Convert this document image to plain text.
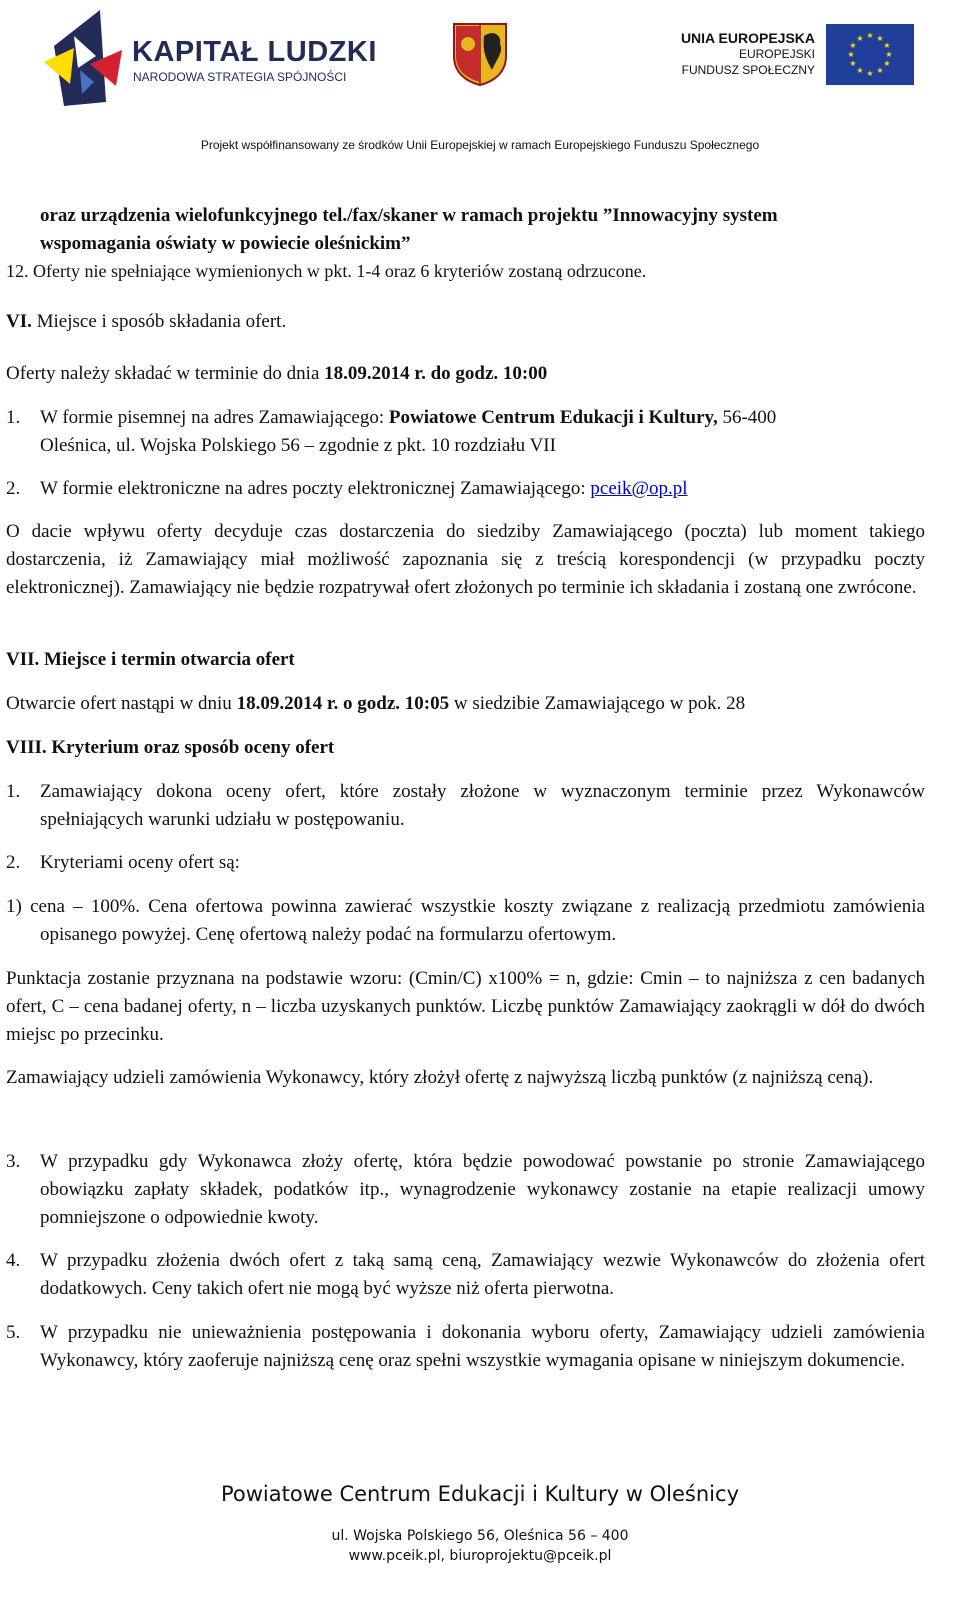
KAPITAŁ LUDZKI
NARODOWA STRATEGIA SPÓJNOŚCI
UNIA EUROPEJSKA
EUROPEJSKI
FUNDUSZ SPOŁECZNY
★ ★
★
★
★
★
★
★
★
★
★
★
Projekt współfinansowany ze środków Unii Europejskiej w ramach Europejskiego Funduszu Społecznego
oraz urządzenia wielofunkcyjnego tel./fax/skaner w ramach projektu ”Innowacyjny system
wspomagania oświaty w powiecie oleśnickim”
12. Oferty nie spełniające wymienionych w pkt. 1-4 oraz 6 kryteriów zostaną odrzucone.
VI. Miejsce i sposób składania ofert.
Oferty należy składać w terminie do dnia 18.09.2014 r. do godz. 10:00
1. W formie pisemnej na adres Zamawiającego: Powiatowe Centrum Edukacji i Kultury, 56-400
Oleśnica, ul. Wojska Polskiego 56 – zgodnie z pkt. 10 rozdziału VII
2. W formie elektroniczne na adres poczty elektronicznej Zamawiającego: pceik@op.pl
O dacie wpływu oferty decyduje czas dostarczenia do siedziby Zamawiającego (poczta) lub moment takiego dostarczenia, iż Zamawiający miał możliwość zapoznania się z treścią korespondencji (w przypadku poczty elektronicznej). Zamawiający nie będzie rozpatrywał ofert złożonych po terminie ich składania i zostaną one zwrócone.
VII. Miejsce i termin otwarcia ofert
Otwarcie ofert nastąpi w dniu 18.09.2014 r. o godz. 10:05 w siedzibie Zamawiającego w pok. 28
VIII. Kryterium oraz sposób oceny ofert
1. Zamawiający dokona oceny ofert, które zostały złożone w wyznaczonym terminie przez Wykonawców spełniających warunki udziału w postępowaniu.
2. Kryteriami oceny ofert są:
1) cena – 100%. Cena ofertowa powinna zawierać wszystkie koszty związane z realizacją przedmiotu zamówienia opisanego powyżej. Cenę ofertową należy podać na formularzu ofertowym.
Punktacja zostanie przyznana na podstawie wzoru: (Cmin/C) x100% = n, gdzie: Cmin – to najniższa z cen badanych ofert, C – cena badanej oferty, n – liczba uzyskanych punktów. Liczbę punktów Zamawiający zaokrągli w dół do dwóch miejsc po przecinku.
Zamawiający udzieli zamówienia Wykonawcy, który złożył ofertę z najwyższą liczbą punktów (z najniższą ceną).
3. W przypadku gdy Wykonawca złoży ofertę, która będzie powodować powstanie po stronie Zamawiającego obowiązku zapłaty składek, podatków itp., wynagrodzenie wykonawcy zostanie na etapie realizacji umowy pomniejszone o odpowiednie kwoty.
4. W przypadku złożenia dwóch ofert z taką samą ceną, Zamawiający wezwie Wykonawców do złożenia ofert dodatkowych. Ceny takich ofert nie mogą być wyższe niż oferta pierwotna.
5. W przypadku nie unieważnienia postępowania i dokonania wyboru oferty, Zamawiający udzieli zamówienia Wykonawcy, który zaoferuje najniższą cenę oraz spełni wszystkie wymagania opisane w niniejszym dokumencie.
Powiatowe Centrum Edukacji i Kultury w Oleśnicy
ul. Wojska Polskiego 56, Oleśnica 56 – 400
www.pceik.pl, biuroprojektu@pceik.pl
